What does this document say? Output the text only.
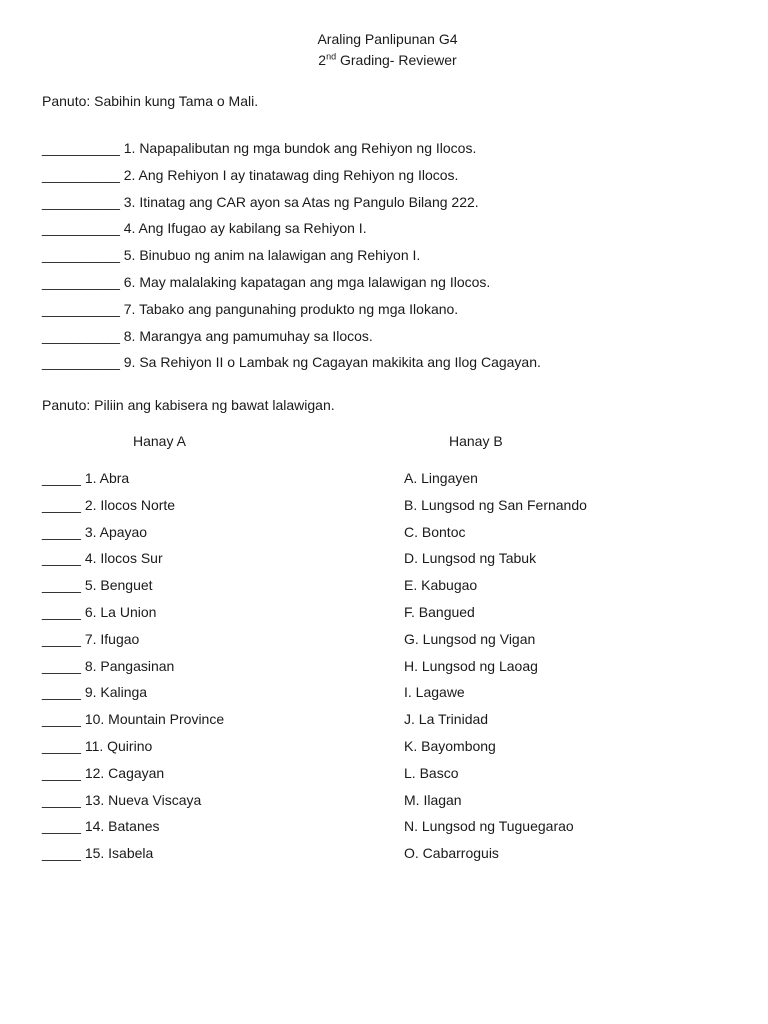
Araling Panlipunan G4
2nd Grading- Reviewer
Panuto: Sabihin kung Tama o Mali.
__________ 1. Napapalibutan ng mga bundok ang Rehiyon ng Ilocos.
__________ 2. Ang Rehiyon I ay tinatawag ding Rehiyon ng Ilocos.
__________ 3. Itinatag ang CAR ayon sa Atas ng Pangulo Bilang 222.
__________ 4. Ang Ifugao ay kabilang sa Rehiyon I.
__________ 5. Binubuo ng anim na lalawigan ang Rehiyon I.
__________ 6. May malalaking kapatagan ang mga lalawigan ng Ilocos.
__________ 7. Tabako ang pangunahing produkto ng mga Ilokano.
__________ 8. Marangya ang pamumuhay sa Ilocos.
__________ 9. Sa Rehiyon II o Lambak ng Cagayan makikita ang Ilog Cagayan.
Panuto: Piliin ang kabisera ng bawat lalawigan.
Hanay A	Hanay B
_____ 1. Abra
_____ 2. Ilocos Norte
_____ 3. Apayao
_____ 4. Ilocos Sur
_____ 5. Benguet
_____ 6. La Union
_____ 7. Ifugao
_____ 8. Pangasinan
_____ 9. Kalinga
_____ 10. Mountain Province
_____ 11. Quirino
_____ 12. Cagayan
_____ 13. Nueva Viscaya
_____ 14. Batanes
_____ 15. Isabela
A. Lingayen
B. Lungsod ng San Fernando
C. Bontoc
D. Lungsod ng Tabuk
E. Kabugao
F. Bangued
G. Lungsod ng Vigan
H. Lungsod ng Laoag
I. Lagawe
J. La Trinidad
K. Bayombong
L. Basco
M. Ilagan
N. Lungsod ng Tuguegarao
O. Cabarroguis
